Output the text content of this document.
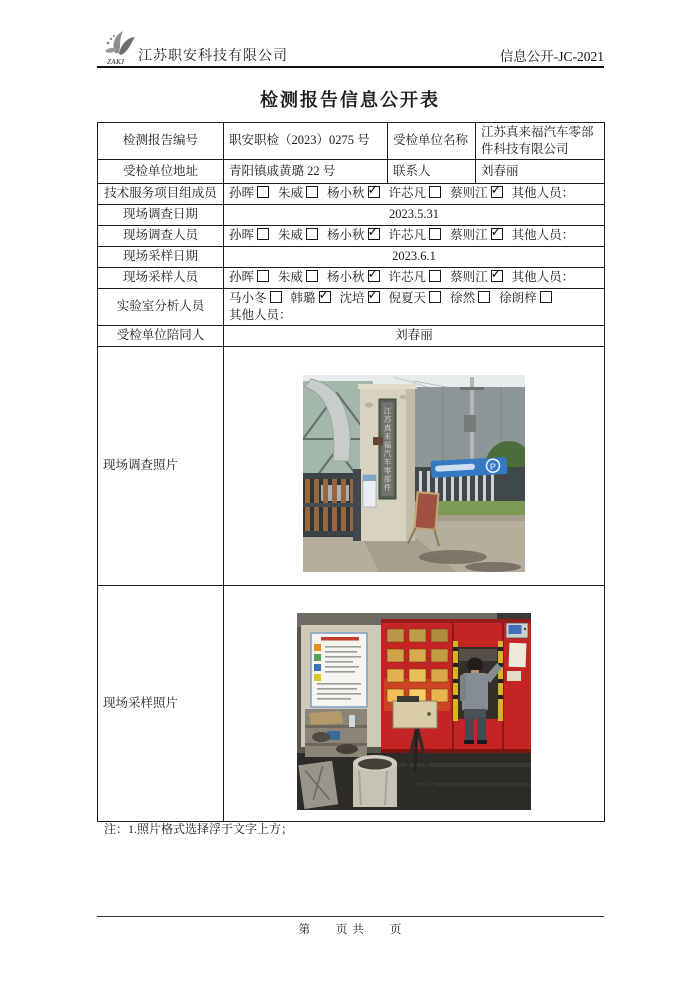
ZAKJ 江苏职安科技有限公司	信息公开-JC-2021
检测报告信息公开表
检测报告编号	职安职检（2023）0275 号	受检单位名称	江苏真来福汽车零部件科技有限公司
受检单位地址	青阳镇戚黄璐 22 号	联系人	刘春丽
技术服务项目组成员	孙晖 朱威 杨小秋 ✓ 许芯凡 蔡则江✓ 其他人员：
现场调查日期	2023.5.31		
现场调查人员	孙晖 朱威 杨小秋 ✓ 许芯凡 蔡则江✓ 其他人员：
现场采样日期	2023.6.1		
现场采样人员	孙晖 朱威 杨小秋 ✓ 许芯凡 蔡则江✓ 其他人员：
实验室分析人员	马小冬 韩璐 ✓ 沈培 ✓ 倪夏天 徐然 徐朗梓
其他人员：
受检单位陪同人	刘春丽		
现场调查照片	P
江苏真来福汽车零部件		

现场采样照片	
注：1.照片格式选择浮于文字上方；
第　　页 共　　页
